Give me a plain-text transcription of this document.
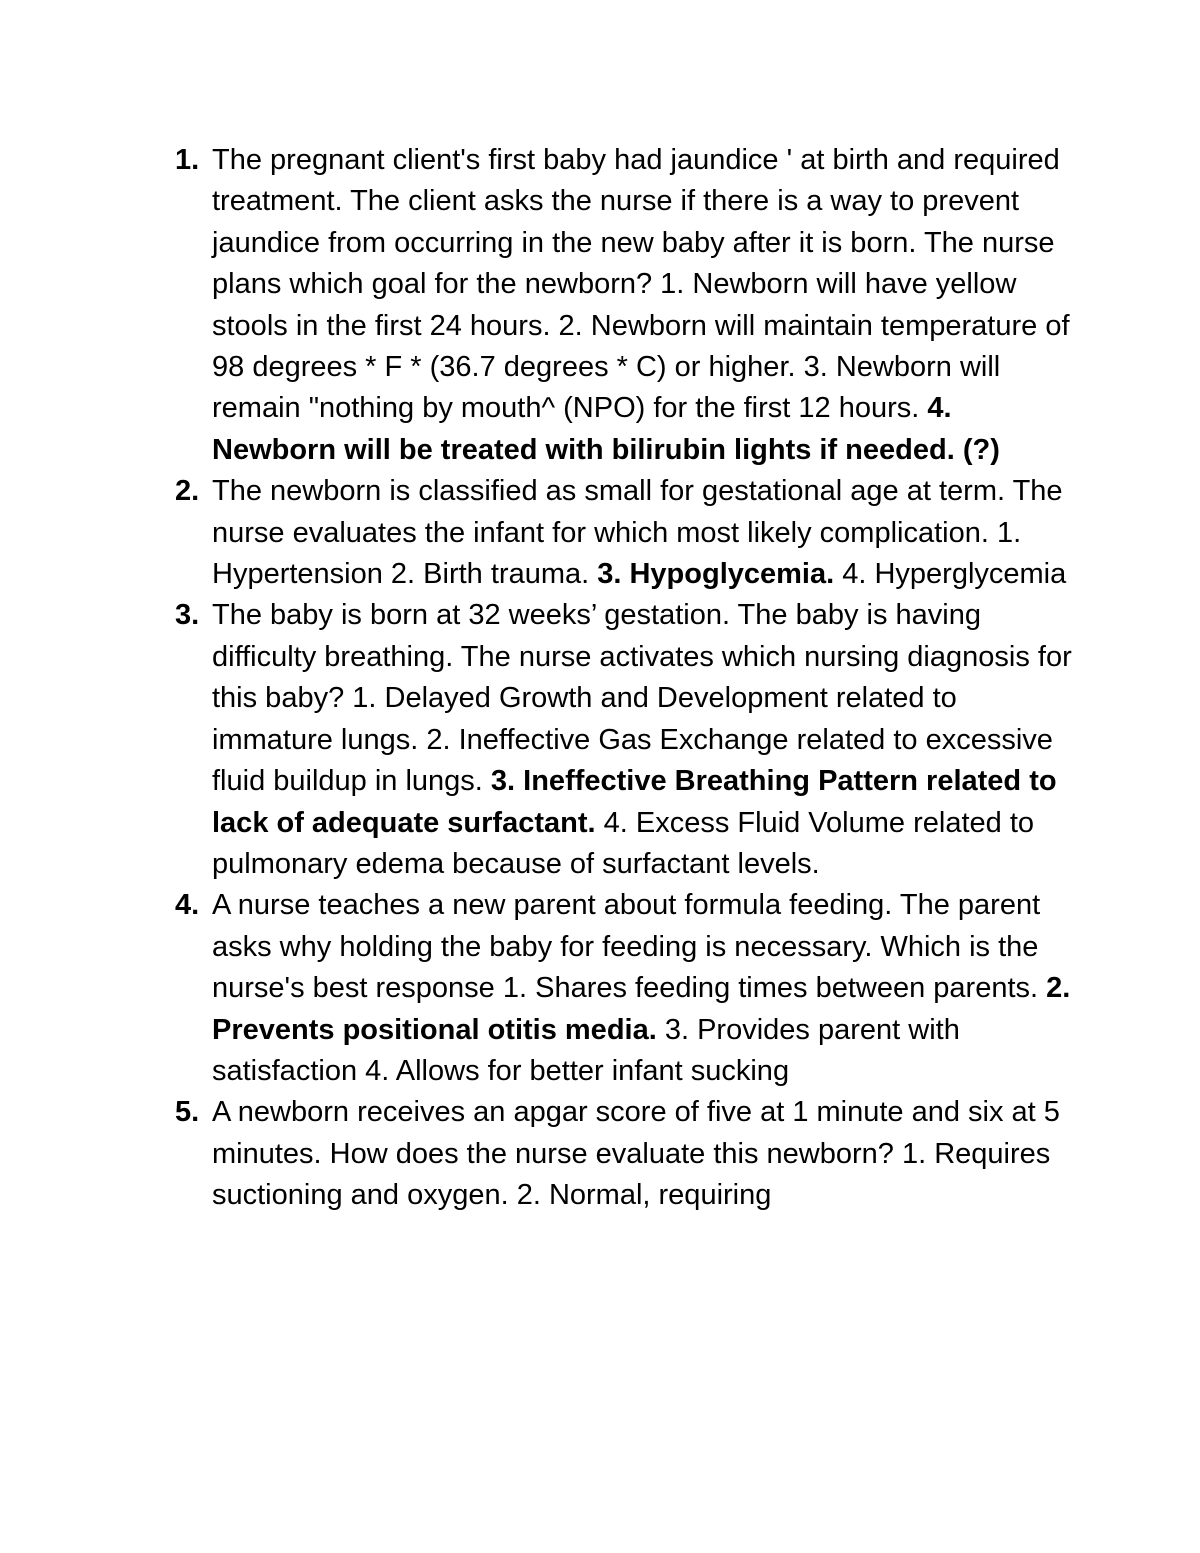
1. The pregnant client's first baby had jaundice ' at birth and required treatment. The client asks the nurse if there is a way to prevent jaundice from occurring in the new baby after it is born. The nurse plans which goal for the newborn? 1. Newborn will have yellow stools in the first 24 hours. 2. Newborn will maintain temperature of 98 degrees * F * (36.7 degrees * C) or higher. 3. Newborn will remain "nothing by mouth^ (NPO) for the first 12 hours. 4. Newborn will be treated with bilirubin lights if needed. (?)
2. The newborn is classified as small for gestational age at term. The nurse evaluates the infant for which most likely complication. 1. Hypertension 2. Birth trauma. 3. Hypoglycemia. 4. Hyperglycemia
3. The baby is born at 32 weeks’ gestation. The baby is having difficulty breathing. The nurse activates which nursing diagnosis for this baby? 1. Delayed Growth and Development related to immature lungs. 2. Ineffective Gas Exchange related to excessive fluid buildup in lungs. 3. Ineffective Breathing Pattern related to lack of adequate surfactant. 4. Excess Fluid Volume related to pulmonary edema because of surfactant levels.
4. A nurse teaches a new parent about formula feeding. The parent asks why holding the baby for feeding is necessary. Which is the nurse's best response 1. Shares feeding times between parents. 2. Prevents positional otitis media. 3. Provides parent with satisfaction 4. Allows for better infant sucking
5. A newborn receives an apgar score of five at 1 minute and six at 5 minutes. How does the nurse evaluate this newborn? 1. Requires suctioning and oxygen. 2. Normal, requiring
